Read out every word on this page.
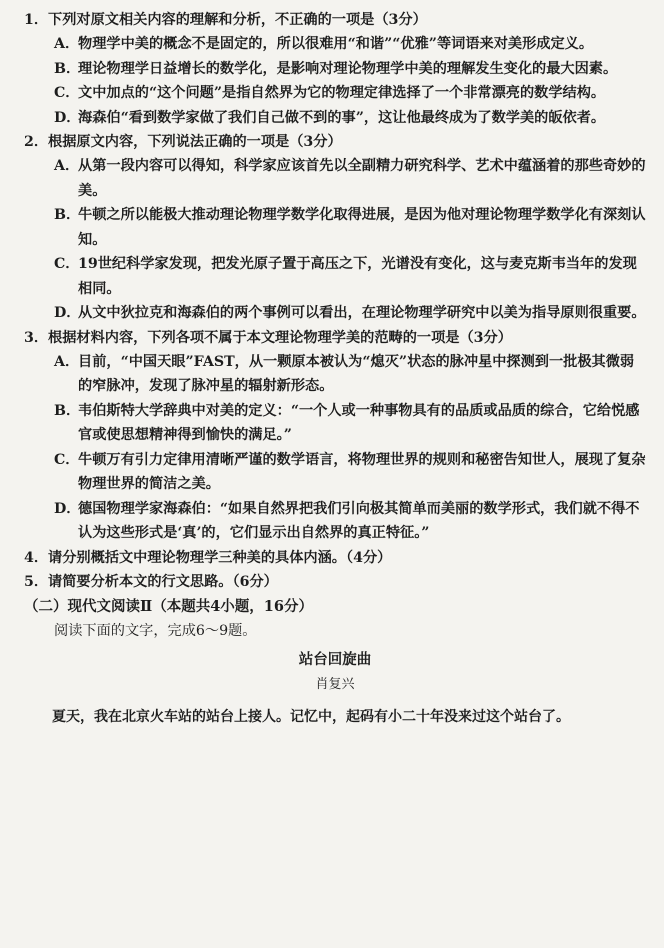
1．下列对原文相关内容的理解和分析，不正确的一项是（3分）

A．
物理学中美的概念不是固定的，所以很难用“和谐”“优雅”等词语来对美形成定义。
B．
理论物理学日益增长的数学化，是影响对理论物理学中美的理解发生变化的最大因素。
C．
文中加点的“这个问题”是指自然界为它的物理定律选择了一个非常漂亮的数学结构。
D．
海森伯“看到数学家做了我们自己做不到的事”，这让他最终成为了数学美的皈依者。

2．根据原文内容，下列说法正确的一项是（3分）

A．
从第一段内容可以得知，科学家应该首先以全副精力研究科学、艺术中蕴涵着的那些奇妙的美。
B．
牛顿之所以能极大推动理论物理学数学化取得进展，是因为他对理论物理学数学化有深刻认知。
C．
19世纪科学家发现，把发光原子置于高压之下，光谱没有变化，这与麦克斯韦当年的发现相同。
D．
从文中狄拉克和海森伯的两个事例可以看出，在理论物理学研究中以美为指导原则很重要。

3．根据材料内容，下列各项不属于本文理论物理学美的范畴的一项是（3分）

A．
目前，“中国天眼”FAST，从一颗原本被认为“熄灭”状态的脉冲星中探测到一批极其微弱的窄脉冲，发现了脉冲星的辐射新形态。
B．
韦伯斯特大学辞典中对美的定义：“一个人或一种事物具有的品质或品质的综合，它给悦感官或使思想精神得到愉快的满足。”
C．
牛顿万有引力定律用清晰严谨的数学语言，将物理世界的规则和秘密告知世人，展现了复杂物理世界的简洁之美。
D．
德国物理学家海森伯：“如果自然界把我们引向极其简单而美丽的数学形式，我们就不得不认为这些形式是‘真’的，它们显示出自然界的真正特征。”

4．请分别概括文中理论物理学三种美的具体内涵。（4分）

5．请简要分析本文的行文思路。（6分）

（二）现代文阅读Ⅱ（本题共4小题，16分）
阅读下面的文字，完成6～9题。
站台回旋曲
肖复兴

夏天，我在北京火车站的站台上接人。记忆中，起码有小二十年没来过这个站台了。
